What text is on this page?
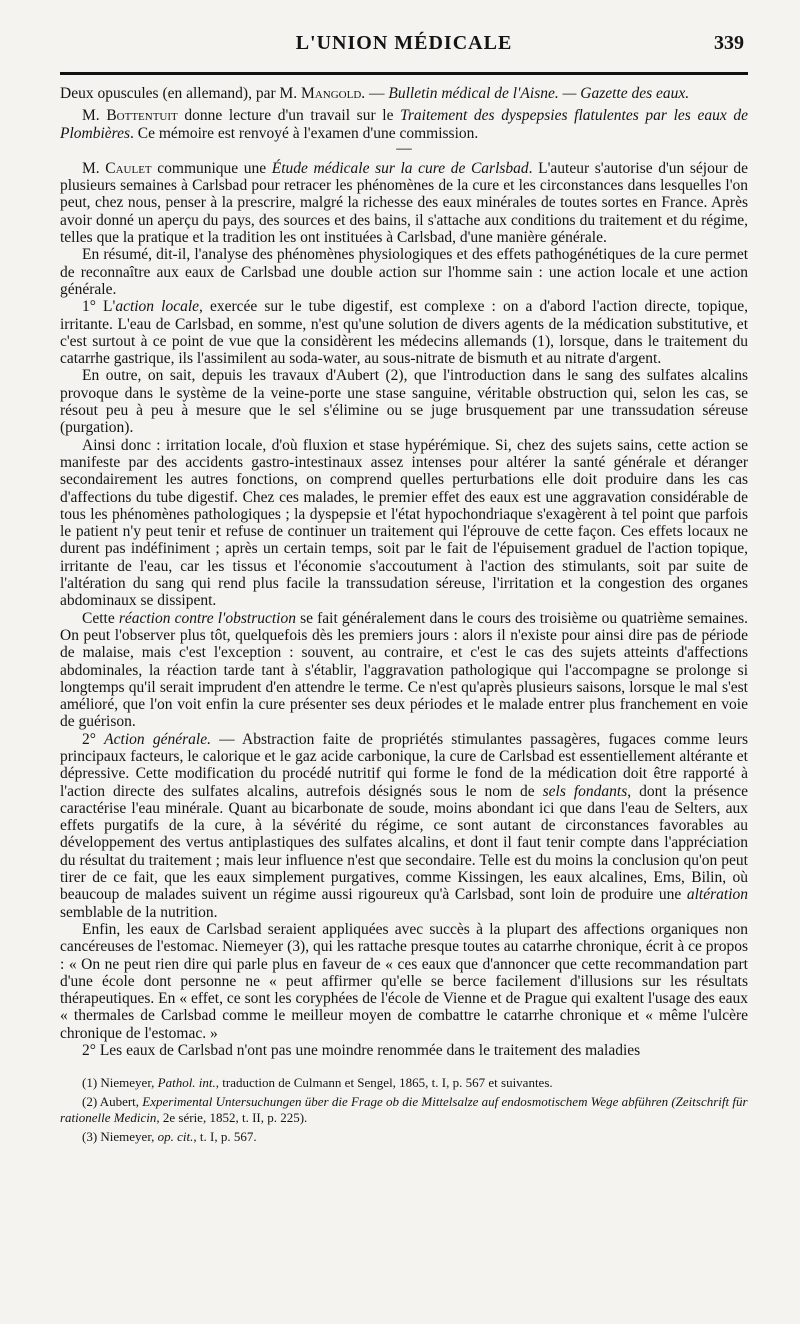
L'UNION MÉDICALE	339

Deux opuscules (en allemand), par M. Mangold. — Bulletin médical de l'Aisne. — Gazette des eaux.

M. Bottentuit donne lecture d'un travail sur le Traitement des dyspepsies flatulentes par les eaux de Plombières. Ce mémoire est renvoyé à l'examen d'une commission.

—

M. Caulet communique une Étude médicale sur la cure de Carlsbad. L'auteur s'autorise d'un séjour de plusieurs semaines à Carlsbad pour retracer les phénomènes de la cure et les circonstances dans lesquelles l'on peut, chez nous, penser à la prescrire, malgré la richesse des eaux minérales de toutes sortes en France. Après avoir donné un aperçu du pays, des sources et des bains, il s'attache aux conditions du traitement et du régime, telles que la pratique et la tradition les ont instituées à Carlsbad, d'une manière générale.

En résumé, dit-il, l'analyse des phénomènes physiologiques et des effets pathogénétiques de la cure permet de reconnaître aux eaux de Carlsbad une double action sur l'homme sain : une action locale et une action générale.

1° L'action locale, exercée sur le tube digestif, est complexe : on a d'abord l'action directe, topique, irritante. L'eau de Carlsbad, en somme, n'est qu'une solution de divers agents de la médication substitutive, et c'est surtout à ce point de vue que la considèrent les médecins allemands (1), lorsque, dans le traitement du catarrhe gastrique, ils l'assimilent au soda-water, au sous-nitrate de bismuth et au nitrate d'argent.

En outre, on sait, depuis les travaux d'Aubert (2), que l'introduction dans le sang des sulfates alcalins provoque dans le système de la veine-porte une stase sanguine, véritable obstruction qui, selon les cas, se résout peu à peu à mesure que le sel s'élimine ou se juge brusquement par une transsudation séreuse (purgation).

Ainsi donc : irritation locale, d'où fluxion et stase hypérémique. Si, chez des sujets sains, cette action se manifeste par des accidents gastro-intestinaux assez intenses pour altérer la santé générale et déranger secondairement les autres fonctions, on comprend quelles perturbations elle doit produire dans les cas d'affections du tube digestif. Chez ces malades, le premier effet des eaux est une aggravation considérable de tous les phénomènes pathologiques ; la dyspepsie et l'état hypochondriaque s'exagèrent à tel point que parfois le patient n'y peut tenir et refuse de continuer un traitement qui l'éprouve de cette façon. Ces effets locaux ne durent pas indéfiniment ; après un certain temps, soit par le fait de l'épuisement graduel de l'action topique, irritante de l'eau, car les tissus et l'économie s'accoutument à l'action des stimulants, soit par suite de l'altération du sang qui rend plus facile la transsudation séreuse, l'irritation et la congestion des organes abdominaux se dissipent.

Cette réaction contre l'obstruction se fait généralement dans le cours des troisième ou quatrième semaines. On peut l'observer plus tôt, quelquefois dès les premiers jours : alors il n'existe pour ainsi dire pas de période de malaise, mais c'est l'exception : souvent, au contraire, et c'est le cas des sujets atteints d'affections abdominales, la réaction tarde tant à s'établir, l'aggravation pathologique qui l'accompagne se prolonge si longtemps qu'il serait imprudent d'en attendre le terme. Ce n'est qu'après plusieurs saisons, lorsque le mal s'est amélioré, que l'on voit enfin la cure présenter ses deux périodes et le malade entrer plus franchement en voie de guérison.

2° Action générale. — Abstraction faite de propriétés stimulantes passagères, fugaces comme leurs principaux facteurs, le calorique et le gaz acide carbonique, la cure de Carlsbad est essentiellement altérante et dépressive. Cette modification du procédé nutritif qui forme le fond de la médication doit être rapporté à l'action directe des sulfates alcalins, autrefois désignés sous le nom de sels fondants, dont la présence caractérise l'eau minérale. Quant au bicarbonate de soude, moins abondant ici que dans l'eau de Selters, aux effets purgatifs de la cure, à la sévérité du régime, ce sont autant de circonstances favorables au développement des vertus antiplastiques des sulfates alcalins, et dont il faut tenir compte dans l'appréciation du résultat du traitement ; mais leur influence n'est que secondaire. Telle est du moins la conclusion qu'on peut tirer de ce fait, que les eaux simplement purgatives, comme Kissingen, les eaux alcalines, Ems, Bilin, où beaucoup de malades suivent un régime aussi rigoureux qu'à Carlsbad, sont loin de produire une altération semblable de la nutrition.

Enfin, les eaux de Carlsbad seraient appliquées avec succès à la plupart des affections organiques non cancéreuses de l'estomac. Niemeyer (3), qui les rattache presque toutes au catarrhe chronique, écrit à ce propos : « On ne peut rien dire qui parle plus en faveur de « ces eaux que d'annoncer que cette recommandation part d'une école dont personne ne « peut affirmer qu'elle se berce facilement d'illusions sur les résultats thérapeutiques. En « effet, ce sont les coryphées de l'école de Vienne et de Prague qui exaltent l'usage des eaux « thermales de Carlsbad comme le meilleur moyen de combattre le catarrhe chronique et « même l'ulcère chronique de l'estomac. »

2° Les eaux de Carlsbad n'ont pas une moindre renommée dans le traitement des maladies

(1) Niemeyer, Pathol. int., traduction de Culmann et Sengel, 1865, t. I, p. 567 et suivantes.

(2) Aubert, Experimental Untersuchungen über die Frage ob die Mittelsalze auf endosmotischem Wege abführen (Zeitschrift für rationelle Medicin, 2e série, 1852, t. II, p. 225).

(3) Niemeyer, op. cit., t. I, p. 567.
